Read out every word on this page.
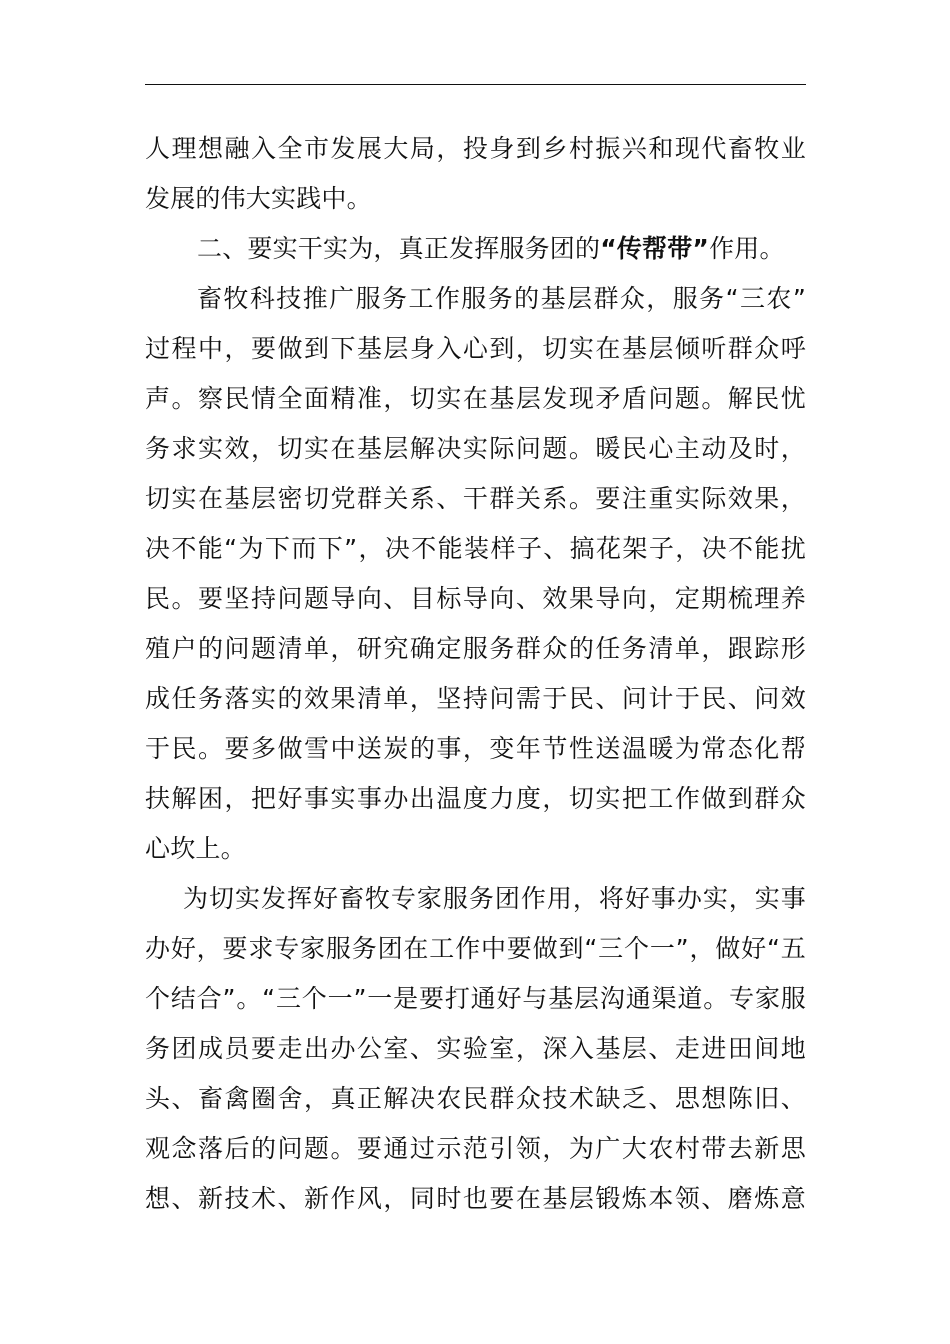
人理想融入全市发展大局，投身到乡村振兴和现代畜牧业
发展的伟大实践中。
二、要实干实为，真正发挥服务团的“传帮带”作用。
畜牧科技推广服务工作服务的基层群众，服务“三农”
过程中，要做到下基层身入心到，切实在基层倾听群众呼
声。察民情全面精准，切实在基层发现矛盾问题。解民忧
务求实效，切实在基层解决实际问题。暖民心主动及时，
切实在基层密切党群关系、干群关系。要注重实际效果，
决不能“为下而下”，决不能装样子、搞花架子，决不能扰
民。要坚持问题导向、目标导向、效果导向，定期梳理养
殖户的问题清单，研究确定服务群众的任务清单，跟踪形
成任务落实的效果清单，坚持问需于民、问计于民、问效
于民。要多做雪中送炭的事，变年节性送温暖为常态化帮
扶解困，把好事实事办出温度力度，切实把工作做到群众
心坎上。
为切实发挥好畜牧专家服务团作用，将好事办实，实事
办好，要求专家服务团在工作中要做到“三个一”，做好“五
个结合”。“三个一”一是要打通好与基层沟通渠道。专家服
务团成员要走出办公室、实验室，深入基层、走进田间地
头、畜禽圈舍，真正解决农民群众技术缺乏、思想陈旧、
观念落后的问题。要通过示范引领，为广大农村带去新思
想、新技术、新作风，同时也要在基层锻炼本领、磨炼意
